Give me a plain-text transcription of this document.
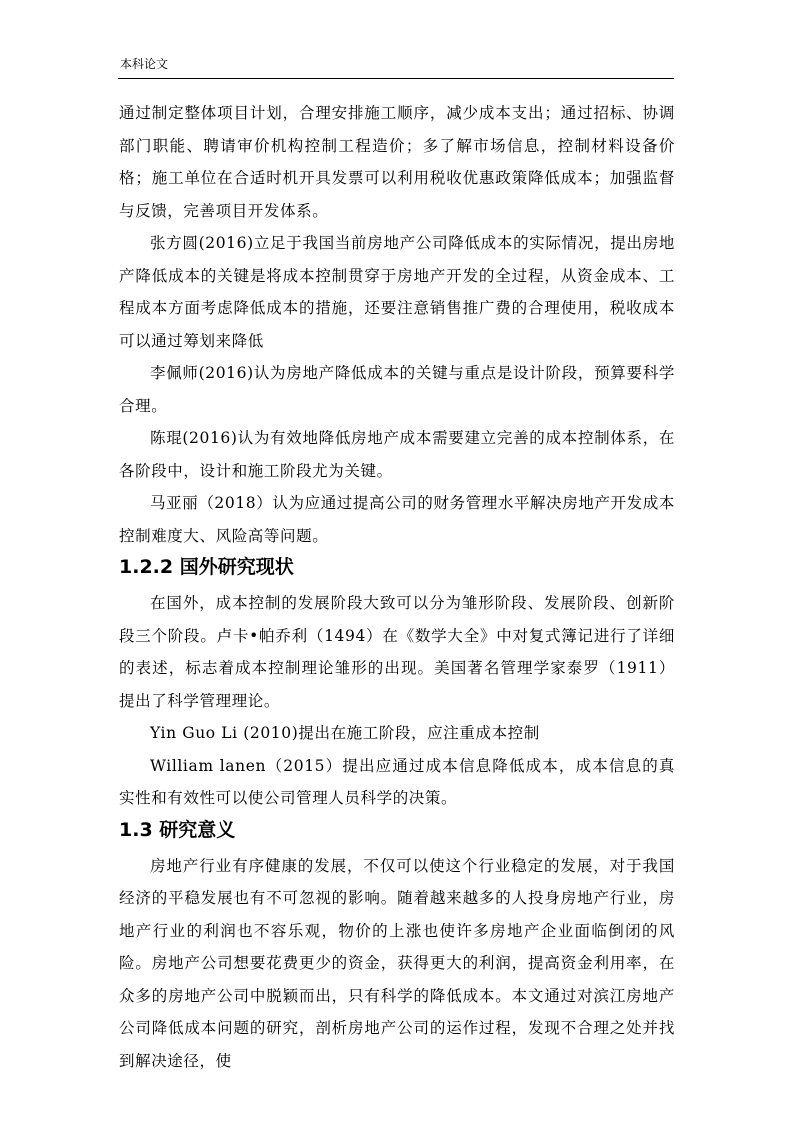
本科论文

通过制定整体项目计划，合理安排施工顺序，减少成本支出；通过招标、协调部门职能、聘请审价机构控制工程造价；多了解市场信息，控制材料设备价格；施工单位在合适时机开具发票可以利用税收优惠政策降低成本；加强监督与反馈，完善项目开发体系。

张方圆(2016)立足于我国当前房地产公司降低成本的实际情况，提出房地产降低成本的关键是将成本控制贯穿于房地产开发的全过程，从资金成本、工程成本方面考虑降低成本的措施，还要注意销售推广费的合理使用，税收成本可以通过筹划来降低

李佩师(2016)认为房地产降低成本的关键与重点是设计阶段，预算要科学合理。

陈琨(2016)认为有效地降低房地产成本需要建立完善的成本控制体系，在各阶段中，设计和施工阶段尤为关键。

马亚丽（2018）认为应通过提高公司的财务管理水平解决房地产开发成本控制难度大、风险高等问题。

1.2.2 国外研究现状

在国外，成本控制的发展阶段大致可以分为雏形阶段、发展阶段、创新阶段三个阶段。卢卡•帕乔利（1494）在《数学大全》中对复式簿记进行了详细的表述，标志着成本控制理论雏形的出现。美国著名管理学家泰罗（1911）提出了科学管理理论。

Yin Guo Li (2010)提出在施工阶段，应注重成本控制

William lanen（2015）提出应通过成本信息降低成本，成本信息的真实性和有效性可以使公司管理人员科学的决策。

1.3 研究意义

房地产行业有序健康的发展，不仅可以使这个行业稳定的发展，对于我国经济的平稳发展也有不可忽视的影响。随着越来越多的人投身房地产行业，房地产行业的利润也不容乐观，物价的上涨也使许多房地产企业面临倒闭的风险。房地产公司想要花费更少的资金，获得更大的利润，提高资金利用率，在众多的房地产公司中脱颖而出，只有科学的降低成本。本文通过对滨江房地产公司降低成本问题的研究，剖析房地产公司的运作过程，发现不合理之处并找到解决途径，使
